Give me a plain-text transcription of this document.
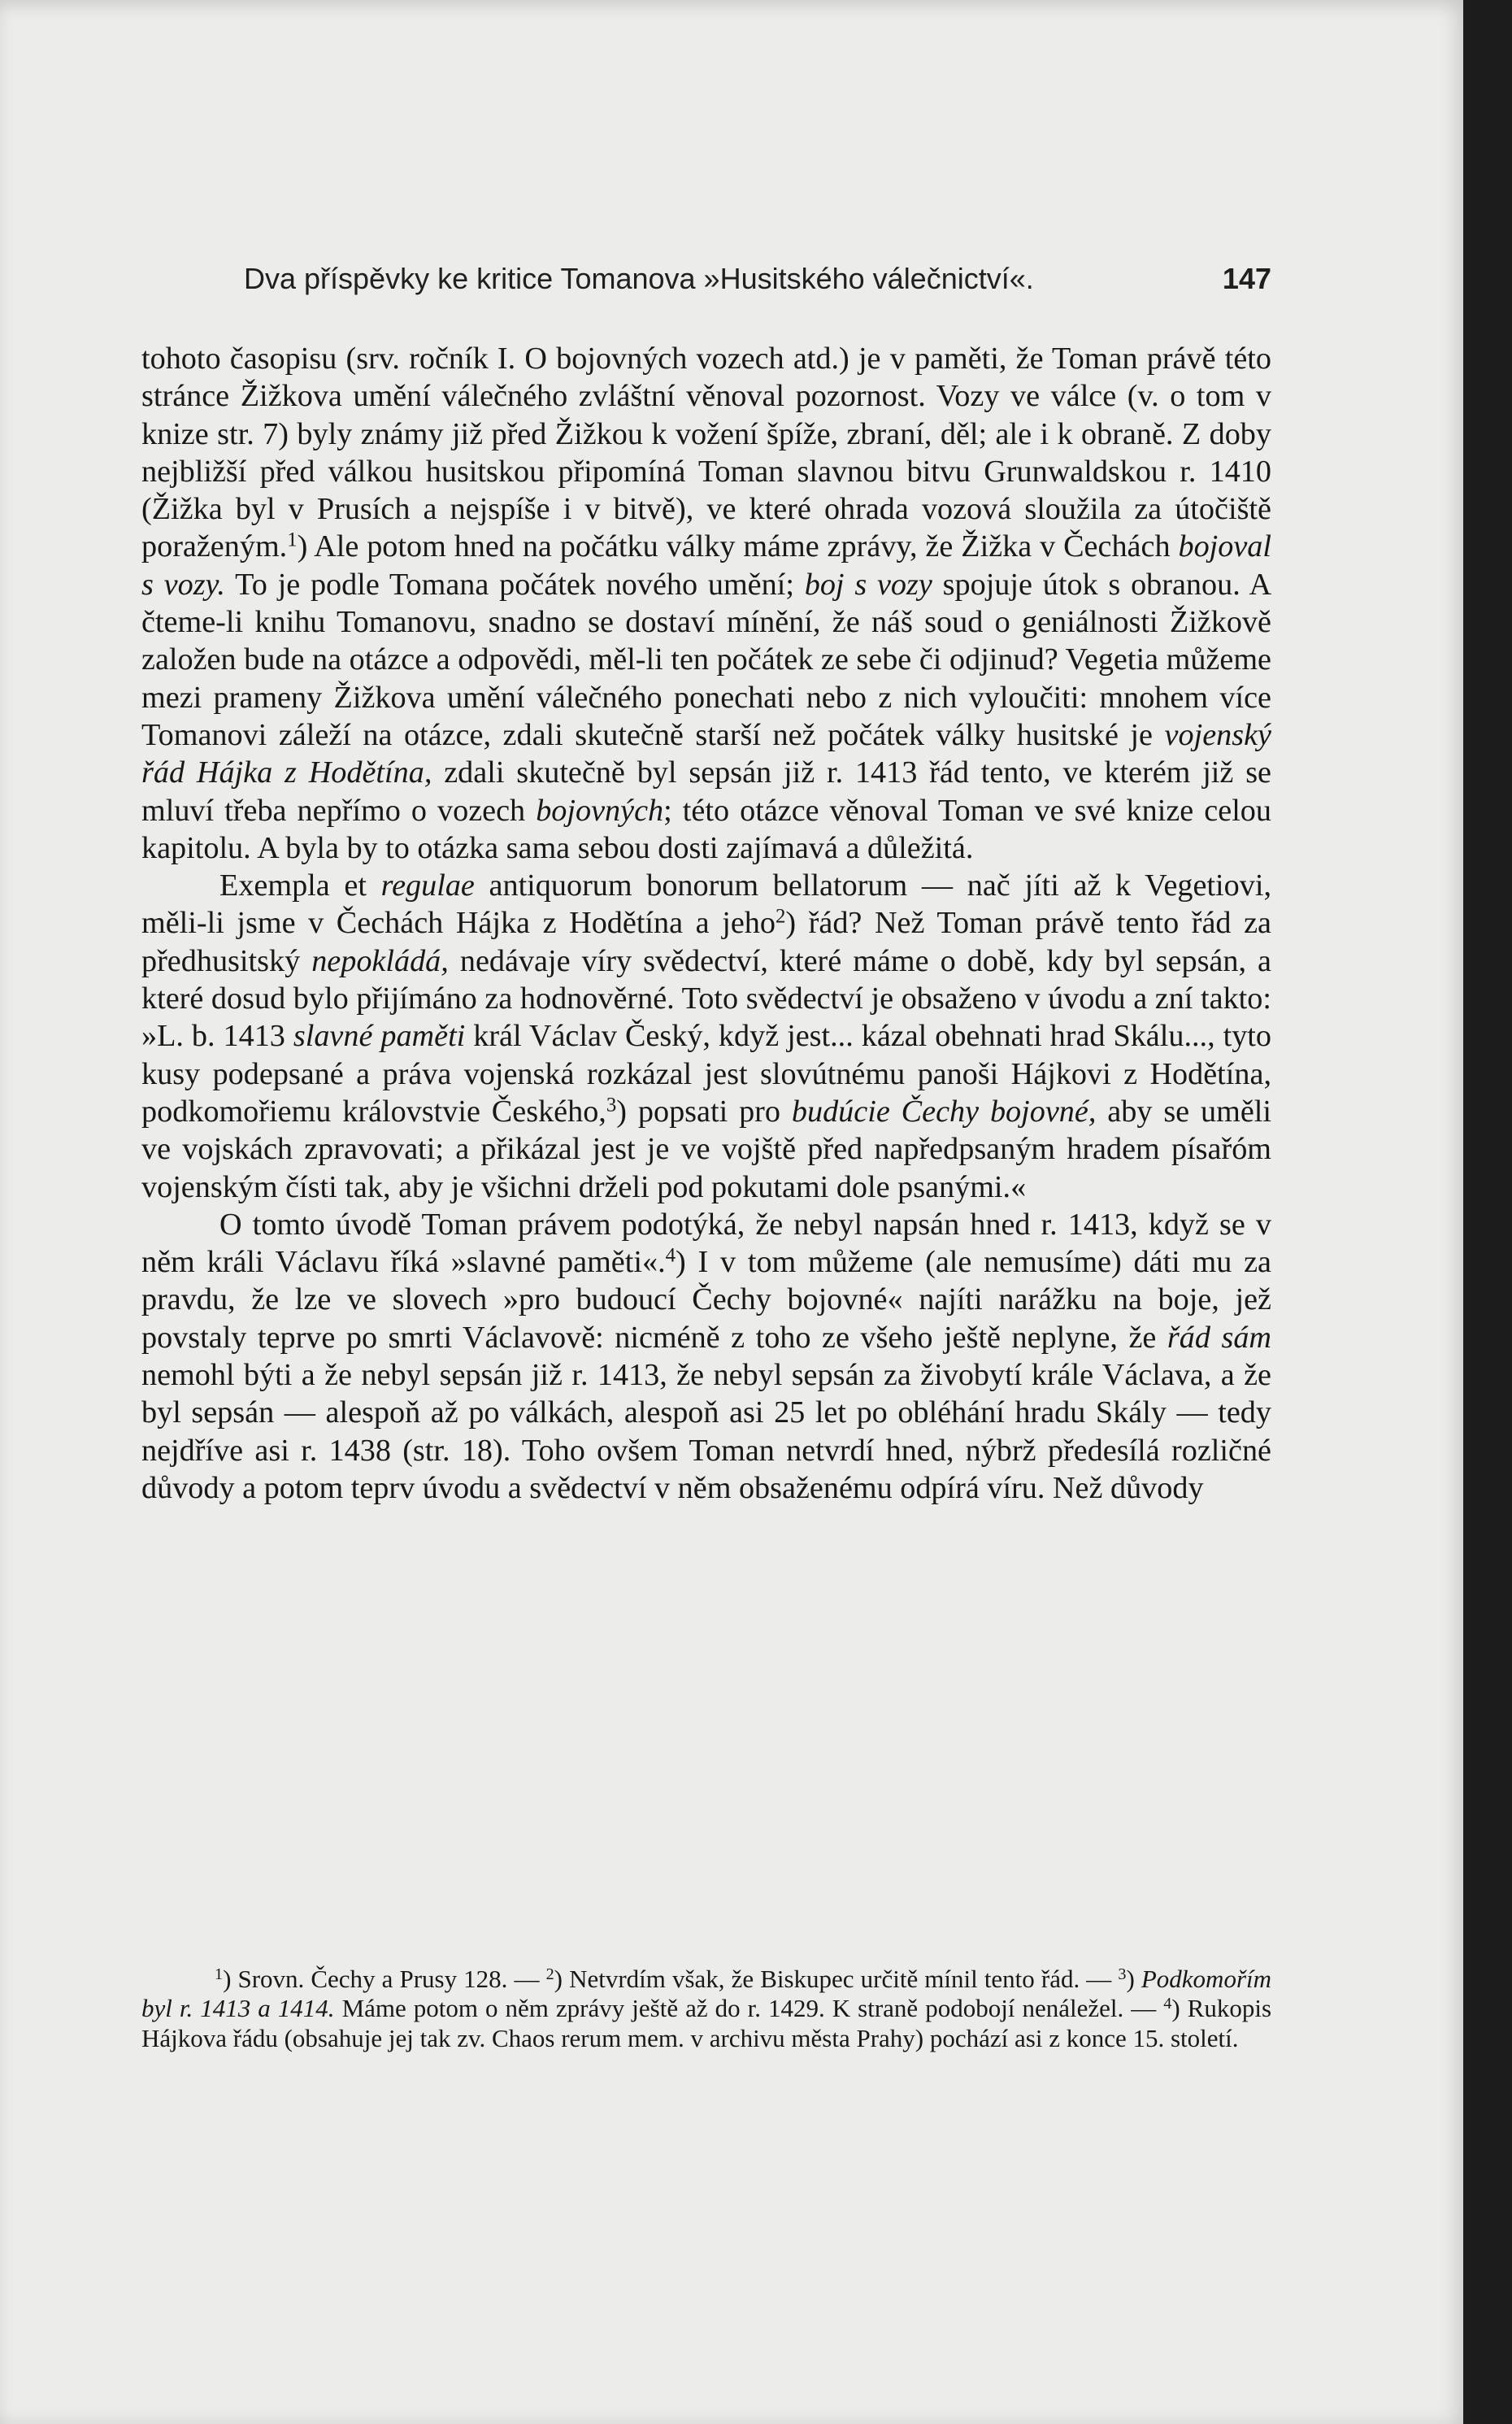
Dva příspěvky ke kritice Tomanova »Husitského válečnictví«.	147

tohoto časopisu (srv. ročník I. O bojovných vozech atd.) je v paměti, že Toman právě této stránce Žižkova umění válečného zvláštní věnoval pozornost. Vozy ve válce (v. o tom v knize str. 7) byly známy již před Žižkou k vožení špíže, zbraní, děl; ale i k obraně. Z doby nejbližší před válkou husitskou připomíná Toman slavnou bitvu Grunwaldskou r. 1410 (Žižka byl v Prusích a nejspíše i v bitvě), ve které ohrada vozová sloužila za útočiště poraženým.$^1$) Ale potom hned na počátku války máme zprávy, že Žižka v Čechách bojoval s vozy. To je podle Tomana počátek nového umění; boj s vozy spojuje útok s obranou. A čteme-li knihu Tomanovu, snadno se dostaví mínění, že náš soud o geniálnosti Žižkově založen bude na otázce a odpovědi, měl-li ten počátek ze sebe či odjinud? Vegetia můžeme mezi prameny Žižkova umění válečného ponechati nebo z nich vyloučiti: mnohem více Tomanovi záleží na otázce, zdali skutečně starší než počátek války husitské je vojenský řád Hájka z Hodětína, zdali skutečně byl sepsán již r. 1413 řád tento, ve kterém již se mluví třeba nepřímo o vozech bojovných; této otázce věnoval Toman ve své knize celou kapitolu. A byla by to otázka sama sebou dosti zajímavá a důležitá.

Exempla et regulae antiquorum bonorum bellatorum — nač jíti až k Vegetiovi, měli-li jsme v Čechách Hájka z Hodětína a jeho$^2$) řád? Než Toman právě tento řád za předhusitský nepokládá, nedávaje víry svědectví, které máme o době, kdy byl sepsán, a které dosud bylo přijímáno za hodnověrné. Toto svědectví je obsaženo v úvodu a zní takto: »L. b. 1413 slavné paměti král Václav Český, když jest... kázal obehnati hrad Skálu..., tyto kusy podepsané a práva vojenská rozkázal jest slovútnému panoši Hájkovi z Hodětína, podkomořiemu královstvie Českého,$^3$) popsati pro budúcie Čechy bojovné, aby se uměli ve vojskách zpravovati; a přikázal jest je ve vojště před napředpsaným hradem písařóm vojenským čísti tak, aby je všichni drželi pod pokutami dole psanými.«

O tomto úvodě Toman právem podotýká, že nebyl napsán hned r. 1413, když se v něm králi Václavu říká »slavné paměti«.$^4$) I v tom můžeme (ale nemusíme) dáti mu za pravdu, že lze ve slovech »pro budoucí Čechy bojovné« najíti narážku na boje, jež povstaly teprve po smrti Václavově: nicméně z toho ze všeho ještě neplyne, že řád sám nemohl býti a že nebyl sepsán již r. 1413, že nebyl sepsán za živobytí krále Václava, a že byl sepsán — alespoň až po válkách, alespoň asi 25 let po obléhání hradu Skály — tedy nejdříve asi r. 1438 (str. 18). Toho ovšem Toman netvrdí hned, nýbrž předesílá rozličné důvody a potom teprv úvodu a svědectví v něm obsaženému odpírá víru. Než důvody

$^1$) Srovn. Čechy a Prusy 128. — $^2$) Netvrdím však, že Biskupec určitě mínil tento řád. — $^3$) Podkomořím byl r. 1413 a 1414. Máme potom o něm zprávy ještě až do r. 1429. K straně podobojí nenáležel. — $^4$) Rukopis Hájkova řádu (obsahuje jej tak zv. Chaos rerum mem. v archivu města Prahy) pochází asi z konce 15. století.
